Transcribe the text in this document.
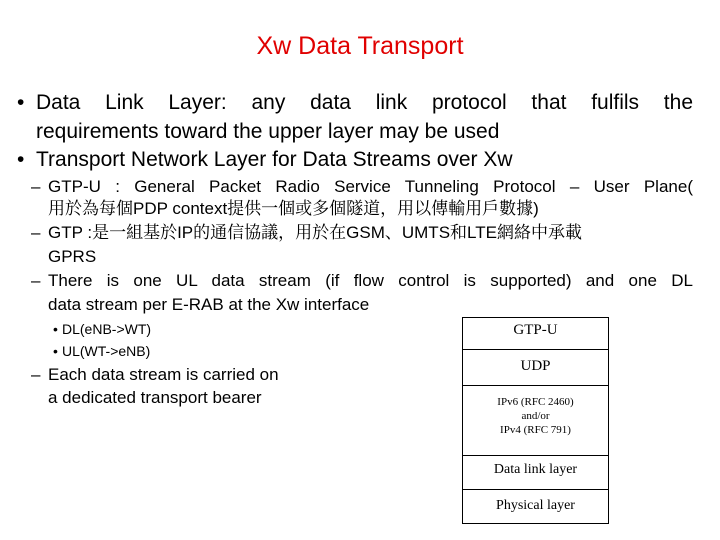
Xw Data Transport
• Data Link Layer: any data link protocol that fulfils the
requirements toward the upper layer may be used
• Transport Network Layer for Data Streams over Xw
– GTP-U : General Packet Radio Service Tunneling Protocol – User Plane(
用於為每個PDP context提供一個或多個隧道，用以傳輸用戶數據)
– GTP :是一組基於IP的通信協議，用於在GSM、UMTS和LTE網絡中承載
GPRS
– There is one UL data stream (if flow control is supported) and one DL
data stream per E-RAB at the Xw interface
• DL(eNB->WT)
• UL(WT->eNB)
– Each data stream is carried on
a dedicated transport bearer
GTP-U
UDP
IPv6 (RFC 2460)
and/or
IPv4 (RFC 791)
Data link layer
Physical layer
